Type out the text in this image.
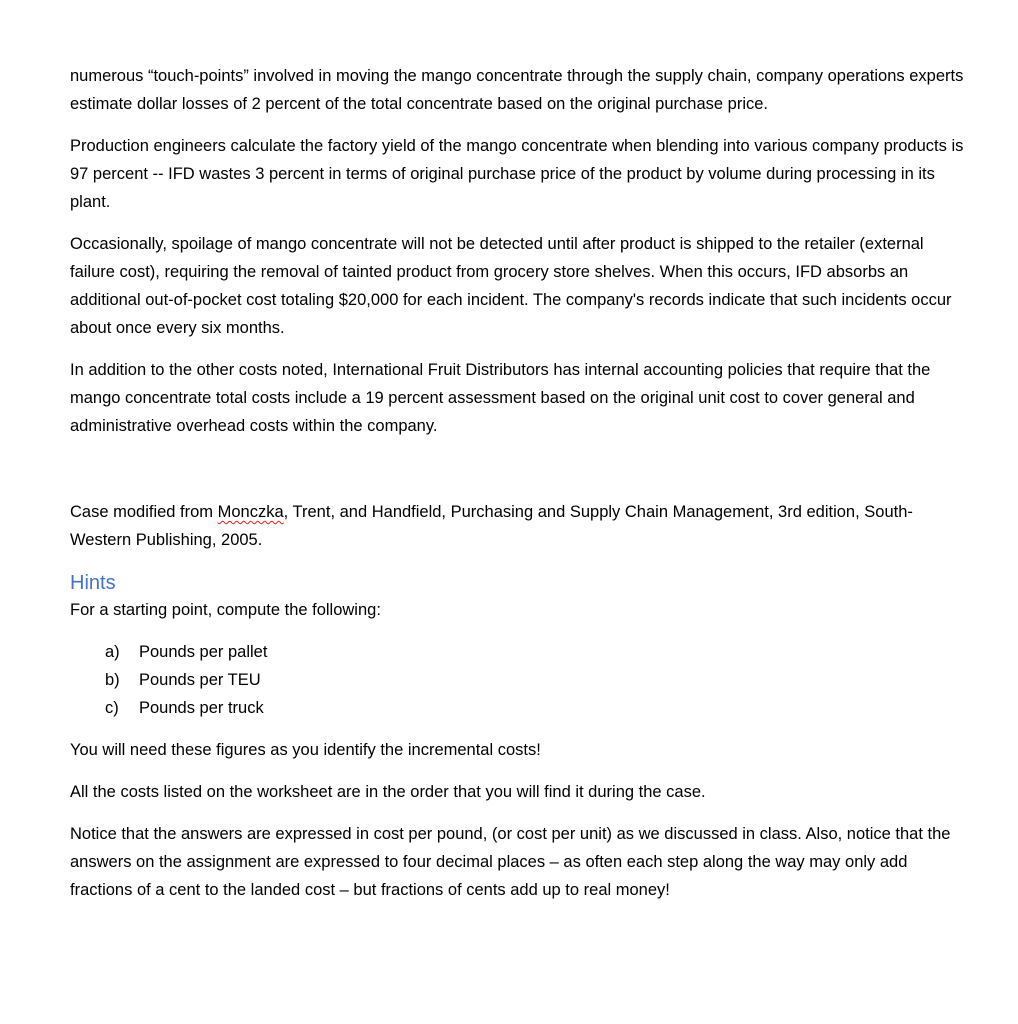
numerous “touch-points” involved in moving the mango concentrate through the supply chain, company operations experts estimate dollar losses of 2 percent of the total concentrate based on the original purchase price.

Production engineers calculate the factory yield of the mango concentrate when blending into various company products is 97 percent -- IFD wastes 3 percent in terms of original purchase price of the product by volume during processing in its plant.

Occasionally, spoilage of mango concentrate will not be detected until after product is shipped to the retailer (external failure cost), requiring the removal of tainted product from grocery store shelves. When this occurs, IFD absorbs an additional out-of-pocket cost totaling $20,000 for each incident. The company's records indicate that such incidents occur about once every six months.

In addition to the other costs noted, International Fruit Distributors has internal accounting policies that require that the mango concentrate total costs include a 19 percent assessment based on the original unit cost to cover general and administrative overhead costs within the company.

Case modified from Monczka, Trent, and Handfield, Purchasing and Supply Chain Management, 3rd edition, South-Western Publishing, 2005.

Hints

For a starting point, compute the following:

a)	Pounds per pallet
b)	Pounds per TEU
c)	Pounds per truck

You will need these figures as you identify the incremental costs!

All the costs listed on the worksheet are in the order that you will find it during the case.

Notice that the answers are expressed in cost per pound, (or cost per unit) as we discussed in class. Also, notice that the answers on the assignment are expressed to four decimal places – as often each step along the way may only add fractions of a cent to the landed cost – but fractions of cents add up to real money!
